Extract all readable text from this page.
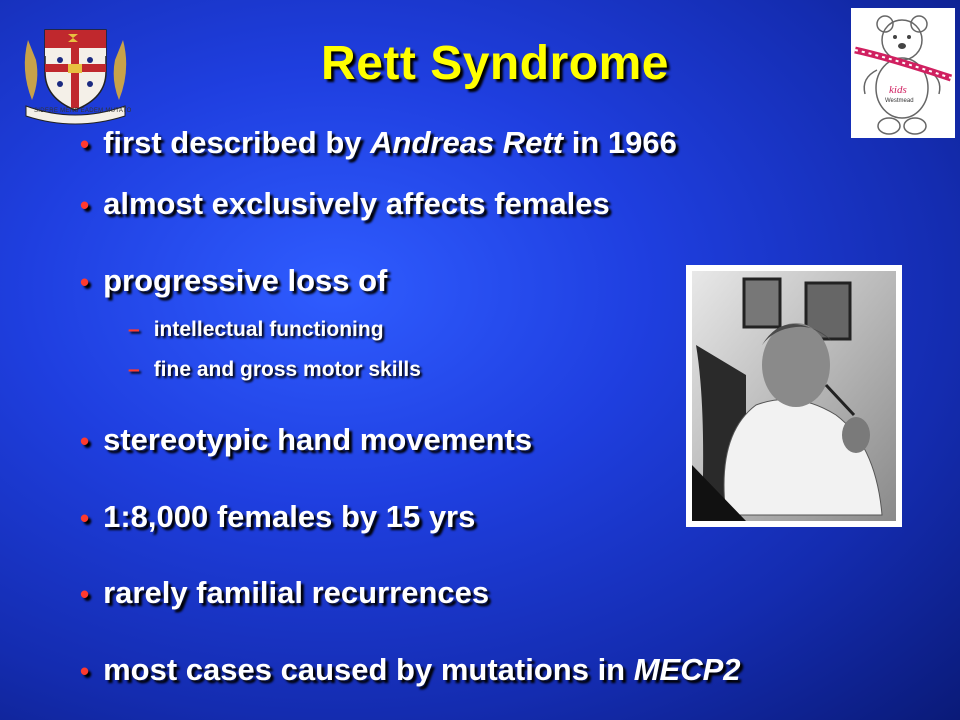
Rett Syndrome	kids
Westmead
• first described by Andreas Rett in 1966
• almost exclusively affects females
• progressive loss of
– intellectual functioning
– fine and gross motor skills
• stereotypic hand movements
• 1:8,000 females by 15 yrs
• rarely familial recurrences
• most cases caused by mutations in MECP2
SIDERE MENS EADEM MUTATO
